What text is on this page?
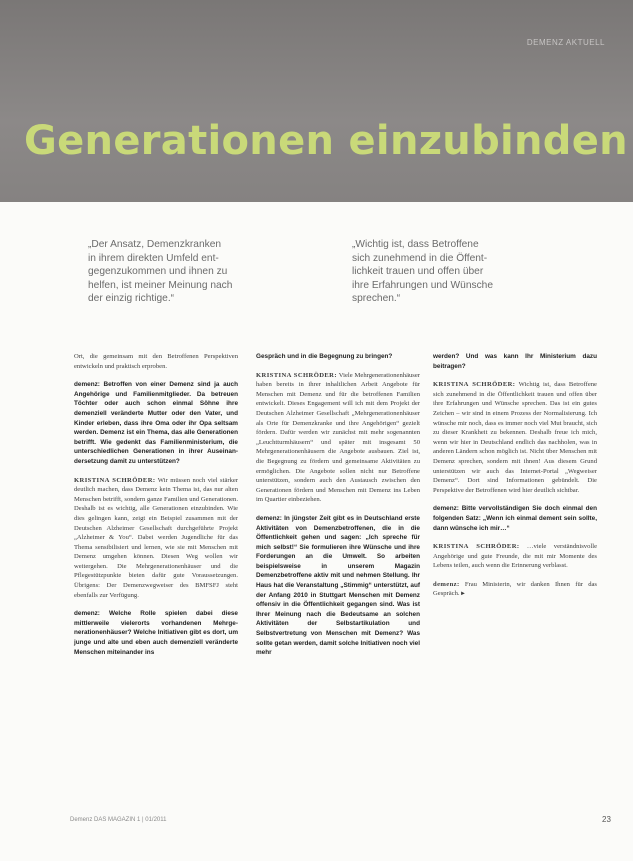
DEMENZ AKTUELL
Generationen einzubinden
„Der Ansatz, Demenzkranken
in ihrem direkten Umfeld ent-
gegenzukommen und ihnen zu
helfen, ist meiner Meinung nach
der einzig richtige.“
„Wichtig ist, dass Betroffene
sich zunehmend in die Öffent-
lichkeit trauen und offen über
ihre Erfahrungen und Wünsche
sprechen.“

Ort, die gemeinsam mit den Betroffenen Perspektiven entwickeln und praktisch erproben.

demenz: Betroffen von einer Demenz sind ja auch Angehörige und Familienmitglieder. Da betreuen Töchter oder auch schon einmal Söhne ihre demenziell veränderte Mutter oder den Vater, und Kinder erleben, dass ihre Oma oder ihr Opa seltsam werden. Demenz ist ein Thema, das alle Generationen betrifft. Wie gedenkt das Familienministerium, die unterschiedlichen Generationen in ihrer Auseinandersetzung damit zu unterstützen?

KRISTINA SCHRÖDER: Wir müssen noch viel stärker deutlich machen, dass Demenz kein Thema ist, das nur alten Menschen betrifft, sondern ganze Familien und Generationen. Deshalb ist es wichtig, alle Generationen einzubinden. Wie dies gelingen kann, zeigt ein Beispiel zusammen mit der Deutschen Alzheimer Gesellschaft durchgeführte Projekt „Alzheimer & You“. Dabei werden Jugendliche für das Thema sensibilisiert und lernen, wie sie mit Menschen mit Demenz umgehen können. Diesen Weg wollen wir weitergehen. Die Mehrgenerationenhäuser und die Pflegestützpunkte bieten dafür gute Voraussetzungen. Übrigens: Der Demenzwegweiser des BMFSFJ steht ebenfalls zur Verfügung.

demenz: Welche Rolle spielen dabei diese mittlerweile vielerorts vorhandenen Mehrgenerationenhäuser? Welche Initiativen gibt es dort, um junge und alte und eben auch demenziell veränderte Menschen miteinander ins

Gespräch und in die Begegnung zu bringen?

KRISTINA SCHRÖDER: Viele Mehrgenerationenhäuser haben bereits in ihrer inhaltlichen Arbeit Angebote für Menschen mit Demenz und für die betroffenen Familien entwickelt. Dieses Engagement will ich mit dem Projekt der Deutschen Alzheimer Gesellschaft „Mehrgenerationenhäuser als Orte für Demenzkranke und ihre Angehörigen“ gezielt fördern. Dafür werden wir zunächst mit mehr sogenannten „Leuchtturmhäusern“ und später mit insgesamt 50 Mehrgenerationenhäusern die Angebote ausbauen. Ziel ist, die Begegnung zu fördern und gemeinsame Aktivitäten zu ermöglichen. Die Angebote sollen nicht nur Betroffene unterstützen, sondern auch den Austausch zwischen den Generationen fördern und Menschen mit Demenz ins Leben im Quartier einbeziehen.

demenz: In jüngster Zeit gibt es in Deutschland erste Aktivitäten von Demenzbetroffenen, die in die Öffentlichkeit gehen und sagen: „Ich spreche für mich selbst!“ Sie formulieren ihre Wünsche und ihre Forderungen an die Umwelt. So arbeiten beispielsweise in unserem Magazin Demenzbetroffene aktiv mit und nehmen Stellung. Ihr Haus hat die Veranstaltung „Stimmig“ unterstützt, auf der Anfang 2010 in Stuttgart Menschen mit Demenz offensiv in die Öffentlichkeit gegangen sind. Was ist Ihrer Meinung nach die Bedeutsame an solchen Aktivitäten der Selbstartikulation und Selbstvertretung von Menschen mit Demenz? Was sollte getan werden, damit solche Initiativen noch viel mehr

werden? Und was kann Ihr Ministerium dazu beitragen?

KRISTINA SCHRÖDER: Wichtig ist, dass Betroffene sich zunehmend in die Öffentlichkeit trauen und offen über ihre Erfahrungen und Wünsche sprechen. Das ist ein gutes Zeichen – wir sind in einem Prozess der Normalisierung. Ich wünsche mir noch, dass es immer noch viel Mut braucht, sich zu dieser Krankheit zu bekennen. Deshalb freue ich mich, wenn wir hier in Deutschland endlich das nachholen, was in anderen Ländern schon möglich ist. Nicht über Menschen mit Demenz sprechen, sondern mit ihnen! Aus diesem Grund unterstützen wir auch das Internet-Portal „Wegweiser Demenz“. Dort sind Informationen gebündelt. Die Perspektive der Betroffenen wird hier deutlich sichtbar.

demenz: Bitte vervollständigen Sie doch einmal den folgenden Satz: „Wenn ich einmal dement sein sollte, dann wünsche ich mir…“

KRISTINA SCHRÖDER: …viele verständnisvolle Angehörige und gute Freunde, die mit mir Momente des Lebens teilen, auch wenn die Erinnerung verblasst.

demenz: Frau Ministerin, wir danken Ihnen für das Gespräch. ▸

Demenz DAS MAGAZIN 1 | 01/2011	23
